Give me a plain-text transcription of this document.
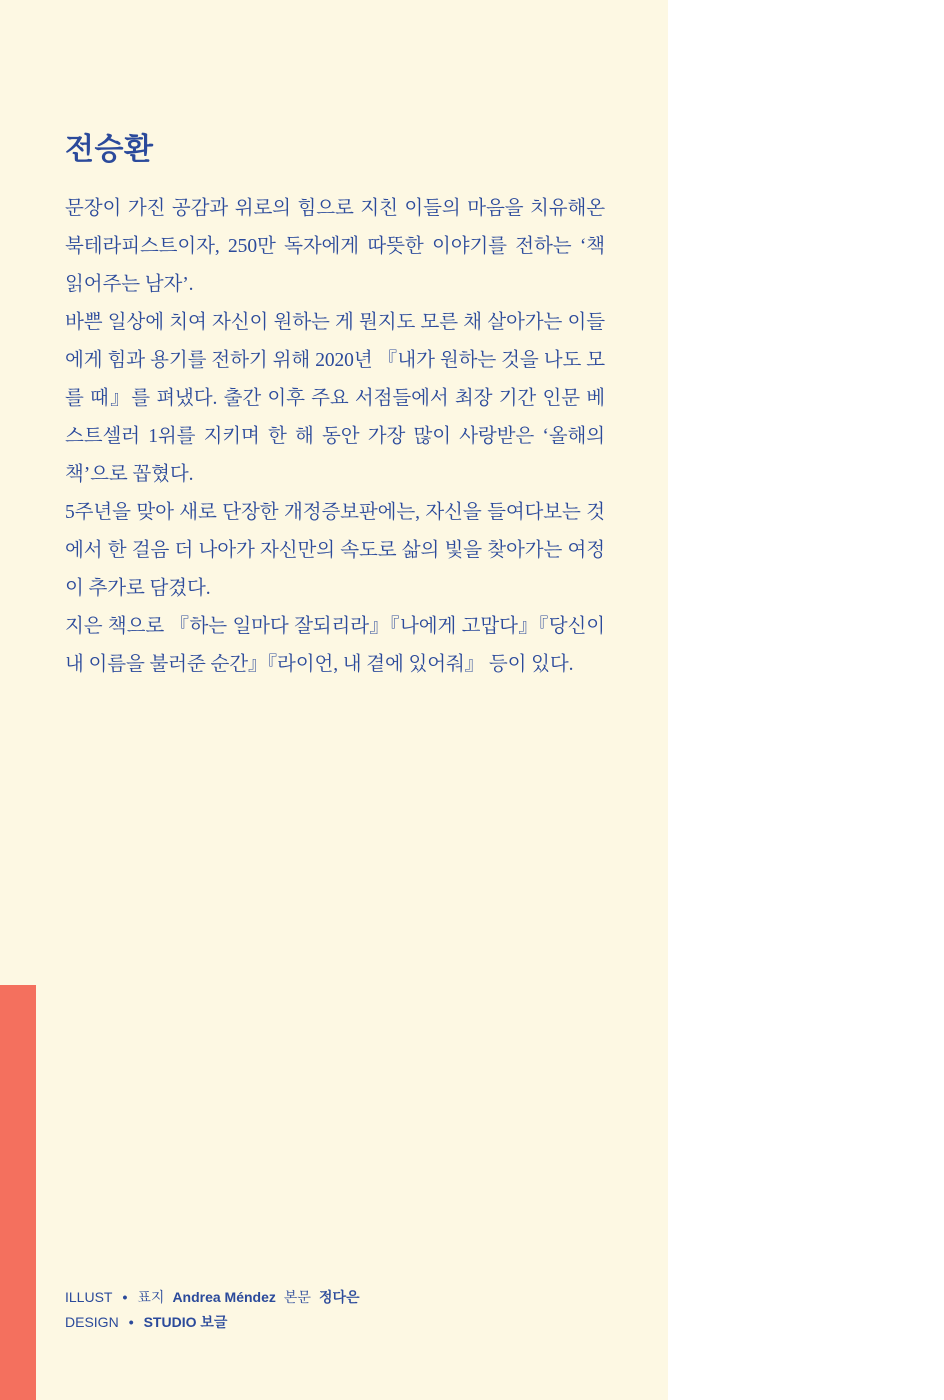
전승환

문장이 가진 공감과 위로의 힘으로 지친 이들의 마음을 치유해온 북테라피스트이자, 250만 독자에게 따뜻한 이야기를 전하는 ‘책 읽어주는 남자’.

바쁜 일상에 치여 자신이 원하는 게 뭔지도 모른 채 살아가는 이들에게 힘과 용기를 전하기 위해 2020년 『내가 원하는 것을 나도 모를 때』를 펴냈다. 출간 이후 주요 서점들에서 최장 기간 인문 베스트셀러 1위를 지키며 한 해 동안 가장 많이 사랑받은 ‘올해의 책’으로 꼽혔다.

5주년을 맞아 새로 단장한 개정증보판에는, 자신을 들여다보는 것에서 한 걸음 더 나아가 자신만의 속도로 삶의 빛을 찾아가는 여정이 추가로 담겼다.

지은 책으로 『하는 일마다 잘되리라』『나에게 고맙다』『당신이 내 이름을 불러준 순간』『라이언, 내 곁에 있어줘』 등이 있다.

ILLUST • 표지 Andrea Méndez 본문 정다은
DESIGN • STUDIO 보글
